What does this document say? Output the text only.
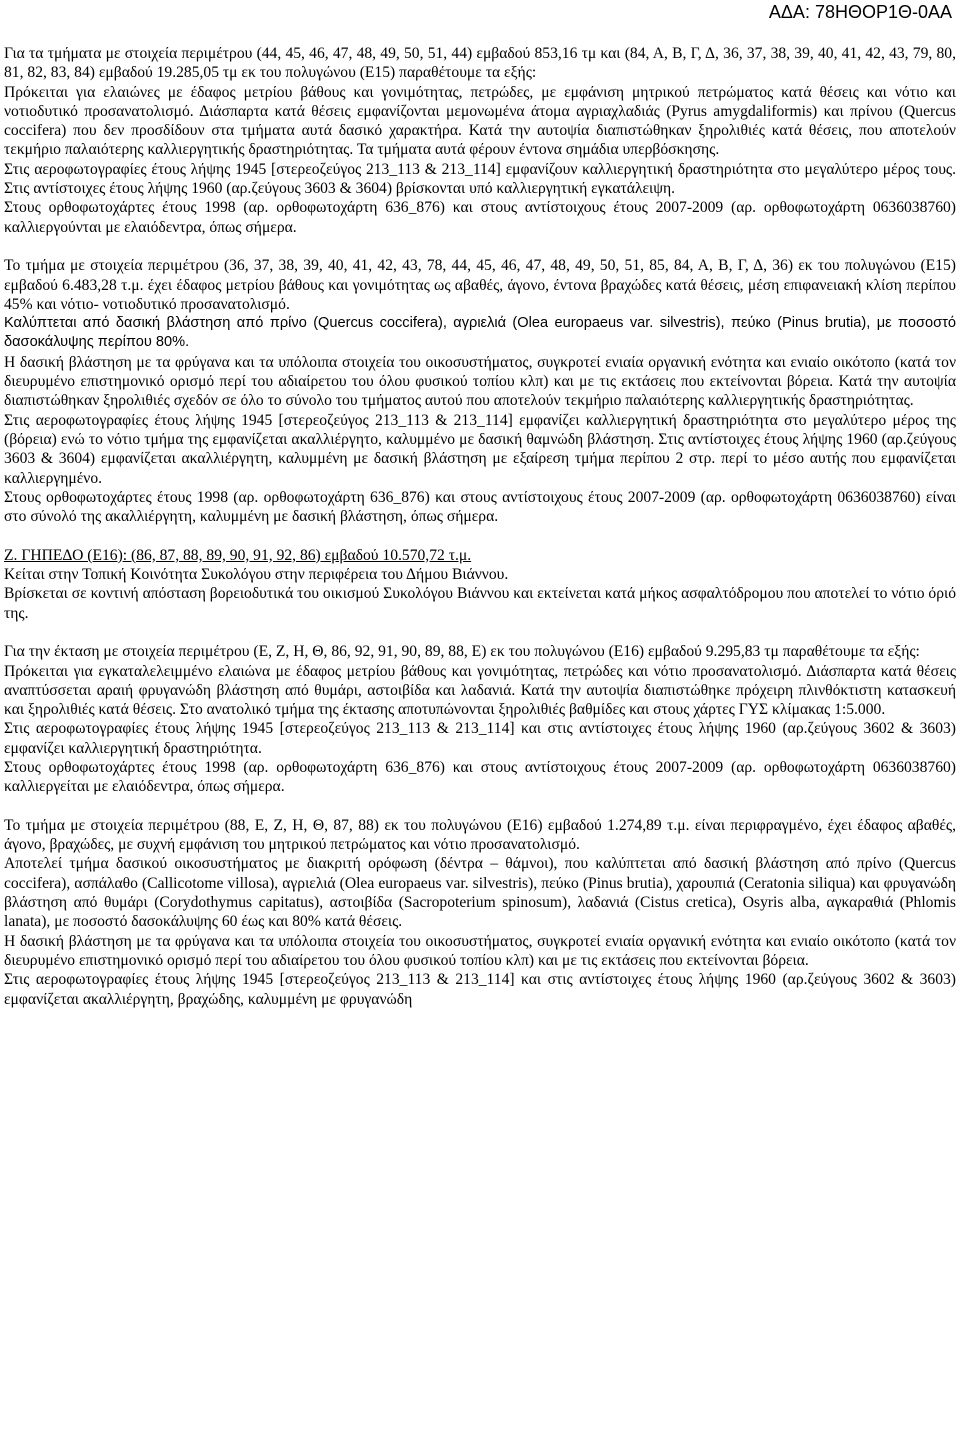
ΑΔΑ: 78ΗΘΟΡ1Θ-0ΑΑ

Για τα τμήματα με στοιχεία περιμέτρου (44, 45, 46, 47, 48, 49, 50, 51, 44) εμβαδού 853,16 τμ και (84, Α, Β, Γ, Δ, 36, 37, 38, 39, 40, 41, 42, 43, 79, 80, 81, 82, 83, 84) εμβαδού 19.285,05 τμ εκ του πολυγώνου (Ε15) παραθέτουμε τα εξής:

Πρόκειται για ελαιώνες με έδαφος μετρίου βάθους και γονιμότητας, πετρώδες, με εμφάνιση μητρικού πετρώματος κατά θέσεις και νότιο και νοτιοδυτικό προσανατολισμό. Διάσπαρτα κατά θέσεις εμφανίζονται μεμονωμένα άτομα αγριαχλαδιάς (Pyrus amygdaliformis) και πρίνου (Quercus coccifera) που δεν προσδίδουν στα τμήματα αυτά δασικό χαρακτήρα. Κατά την αυτοψία διαπιστώθηκαν ξηρολιθιές κατά θέσεις, που αποτελούν τεκμήριο παλαιότερης καλλιεργητικής δραστηριότητας. Τα τμήματα αυτά φέρουν έντονα σημάδια υπερβόσκησης.

Στις αεροφωτογραφίες έτους λήψης 1945 [στερεοζεύγος 213_113 & 213_114] εμφανίζουν καλλιεργητική δραστηριότητα στο μεγαλύτερο μέρος τους. Στις αντίστοιχες έτους λήψης 1960 (αρ.ζεύγους 3603 & 3604) βρίσκονται υπό καλλιεργητική εγκατάλειψη.

Στους ορθοφωτοχάρτες έτους 1998 (αρ. ορθοφωτοχάρτη 636_876) και στους αντίστοιχους έτους 2007-2009 (αρ. ορθοφωτοχάρτη 0636038760) καλλιεργούνται με ελαιόδεντρα, όπως σήμερα.

Το τμήμα με στοιχεία περιμέτρου (36, 37, 38, 39, 40, 41, 42, 43, 78, 44, 45, 46, 47, 48, 49, 50, 51, 85, 84, Α, Β, Γ, Δ, 36) εκ του πολυγώνου (Ε15) εμβαδού 6.483,28 τ.μ. έχει έδαφος μετρίου βάθους και γονιμότητας ως αβαθές, άγονο, έντονα βραχώδες κατά θέσεις, μέση επιφανειακή κλίση περίπου 45% και νότιο- νοτιοδυτικό προσανατολισμό.

Καλύπτεται από δασική βλάστηση από πρίνο (Quercus coccifera), αγριελιά (Olea europaeus var. silvestris), πεύκο (Pinus brutia), με ποσοστό δασοκάλυψης περίπου 80%.

Η δασική βλάστηση με τα φρύγανα και τα υπόλοιπα στοιχεία του οικοσυστήματος, συγκροτεί ενιαία οργανική ενότητα και ενιαίο οικότοπο (κατά τον διευρυμένο επιστημονικό ορισμό περί του αδιαίρετου του όλου φυσικού τοπίου κλπ) και με τις εκτάσεις που εκτείνονται βόρεια. Κατά την αυτοψία διαπιστώθηκαν ξηρολιθιές σχεδόν σε όλο το σύνολο του τμήματος αυτού που αποτελούν τεκμήριο παλαιότερης καλλιεργητικής δραστηριότητας.

Στις αεροφωτογραφίες έτους λήψης 1945 [στερεοζεύγος 213_113 & 213_114] εμφανίζει καλλιεργητική δραστηριότητα στο μεγαλύτερο μέρος της (βόρεια) ενώ το νότιο τμήμα της εμφανίζεται ακαλλιέργητο, καλυμμένο με δασική θαμνώδη βλάστηση. Στις αντίστοιχες έτους λήψης 1960 (αρ.ζεύγους 3603 & 3604) εμφανίζεται ακαλλιέργητη, καλυμμένη με δασική βλάστηση με εξαίρεση τμήμα περίπου 2 στρ. περί το μέσο αυτής που εμφανίζεται καλλιεργημένο.

Στους ορθοφωτοχάρτες έτους 1998 (αρ. ορθοφωτοχάρτη 636_876) και στους αντίστοιχους έτους 2007-2009 (αρ. ορθοφωτοχάρτη 0636038760) είναι στο σύνολό της ακαλλιέργητη, καλυμμένη με δασική βλάστηση, όπως σήμερα.

Ζ. ΓΗΠΕΔΟ (Ε16): (86, 87, 88, 89, 90, 91, 92, 86) εμβαδού 10.570,72 τ.μ.

Κείται στην Τοπική Κοινότητα Συκολόγου στην περιφέρεια του Δήμου Βιάννου.

Βρίσκεται σε κοντινή απόσταση βορειοδυτικά του οικισμού Συκολόγου Βιάννου και εκτείνεται κατά μήκος ασφαλτόδρομου που αποτελεί το νότιο όριό της.

Για την έκταση με στοιχεία περιμέτρου (Ε, Ζ, Η, Θ, 86, 92, 91, 90, 89, 88, Ε) εκ του πολυγώνου (Ε16) εμβαδού 9.295,83 τμ παραθέτουμε τα εξής:

Πρόκειται για εγκαταλελειμμένο ελαιώνα με έδαφος μετρίου βάθους και γονιμότητας, πετρώδες και νότιο προσανατολισμό. Διάσπαρτα κατά θέσεις αναπτύσσεται αραιή φρυγανώδη βλάστηση από θυμάρι, αστοιβίδα και λαδανιά. Κατά την αυτοψία διαπιστώθηκε πρόχειρη πλινθόκτιστη κατασκευή και ξηρολιθιές κατά θέσεις. Στο ανατολικό τμήμα της έκτασης αποτυπώνονται ξηρολιθιές βαθμίδες και στους χάρτες ΓΥΣ κλίμακας 1:5.000.

Στις αεροφωτογραφίες έτους λήψης 1945 [στερεοζεύγος 213_113 & 213_114] και στις αντίστοιχες έτους λήψης 1960 (αρ.ζεύγους 3602 & 3603) εμφανίζει καλλιεργητική δραστηριότητα.

Στους ορθοφωτοχάρτες έτους 1998 (αρ. ορθοφωτοχάρτη 636_876) και στους αντίστοιχους έτους 2007-2009 (αρ. ορθοφωτοχάρτη 0636038760) καλλιεργείται με ελαιόδεντρα, όπως σήμερα.

Το τμήμα με στοιχεία περιμέτρου (88, Ε, Ζ, Η, Θ, 87, 88) εκ του πολυγώνου (Ε16) εμβαδού 1.274,89 τ.μ. είναι περιφραγμένο, έχει έδαφος αβαθές, άγονο, βραχώδες, με συχνή εμφάνιση του μητρικού πετρώματος και νότιο προσανατολισμό.

Αποτελεί τμήμα δασικού οικοσυστήματος με διακριτή ορόφωση (δέντρα – θάμνοι), που καλύπτεται από δασική βλάστηση από πρίνο (Quercus coccifera), ασπάλαθο (Callicotome villosa), αγριελιά (Olea europaeus var. silvestris), πεύκο (Pinus brutia), χαρουπιά (Ceratonia siliqua) και φρυγανώδη βλάστηση από θυμάρι (Corydothymus capitatus), αστοιβίδα (Sacropoterium spinosum), λαδανιά (Cistus cretica), Osyris alba, αγκαραθιά (Phlomis lanata), με ποσοστό δασοκάλυψης 60 έως και 80% κατά θέσεις.

Η δασική βλάστηση με τα φρύγανα και τα υπόλοιπα στοιχεία του οικοσυστήματος, συγκροτεί ενιαία οργανική ενότητα και ενιαίο οικότοπο (κατά τον διευρυμένο επιστημονικό ορισμό περί του αδιαίρετου του όλου φυσικού τοπίου κλπ) και με τις εκτάσεις που εκτείνονται βόρεια.

Στις αεροφωτογραφίες έτους λήψης 1945 [στερεοζεύγος 213_113 & 213_114] και στις αντίστοιχες έτους λήψης 1960 (αρ.ζεύγους 3602 & 3603) εμφανίζεται ακαλλιέργητη, βραχώδης, καλυμμένη με φρυγανώδη
